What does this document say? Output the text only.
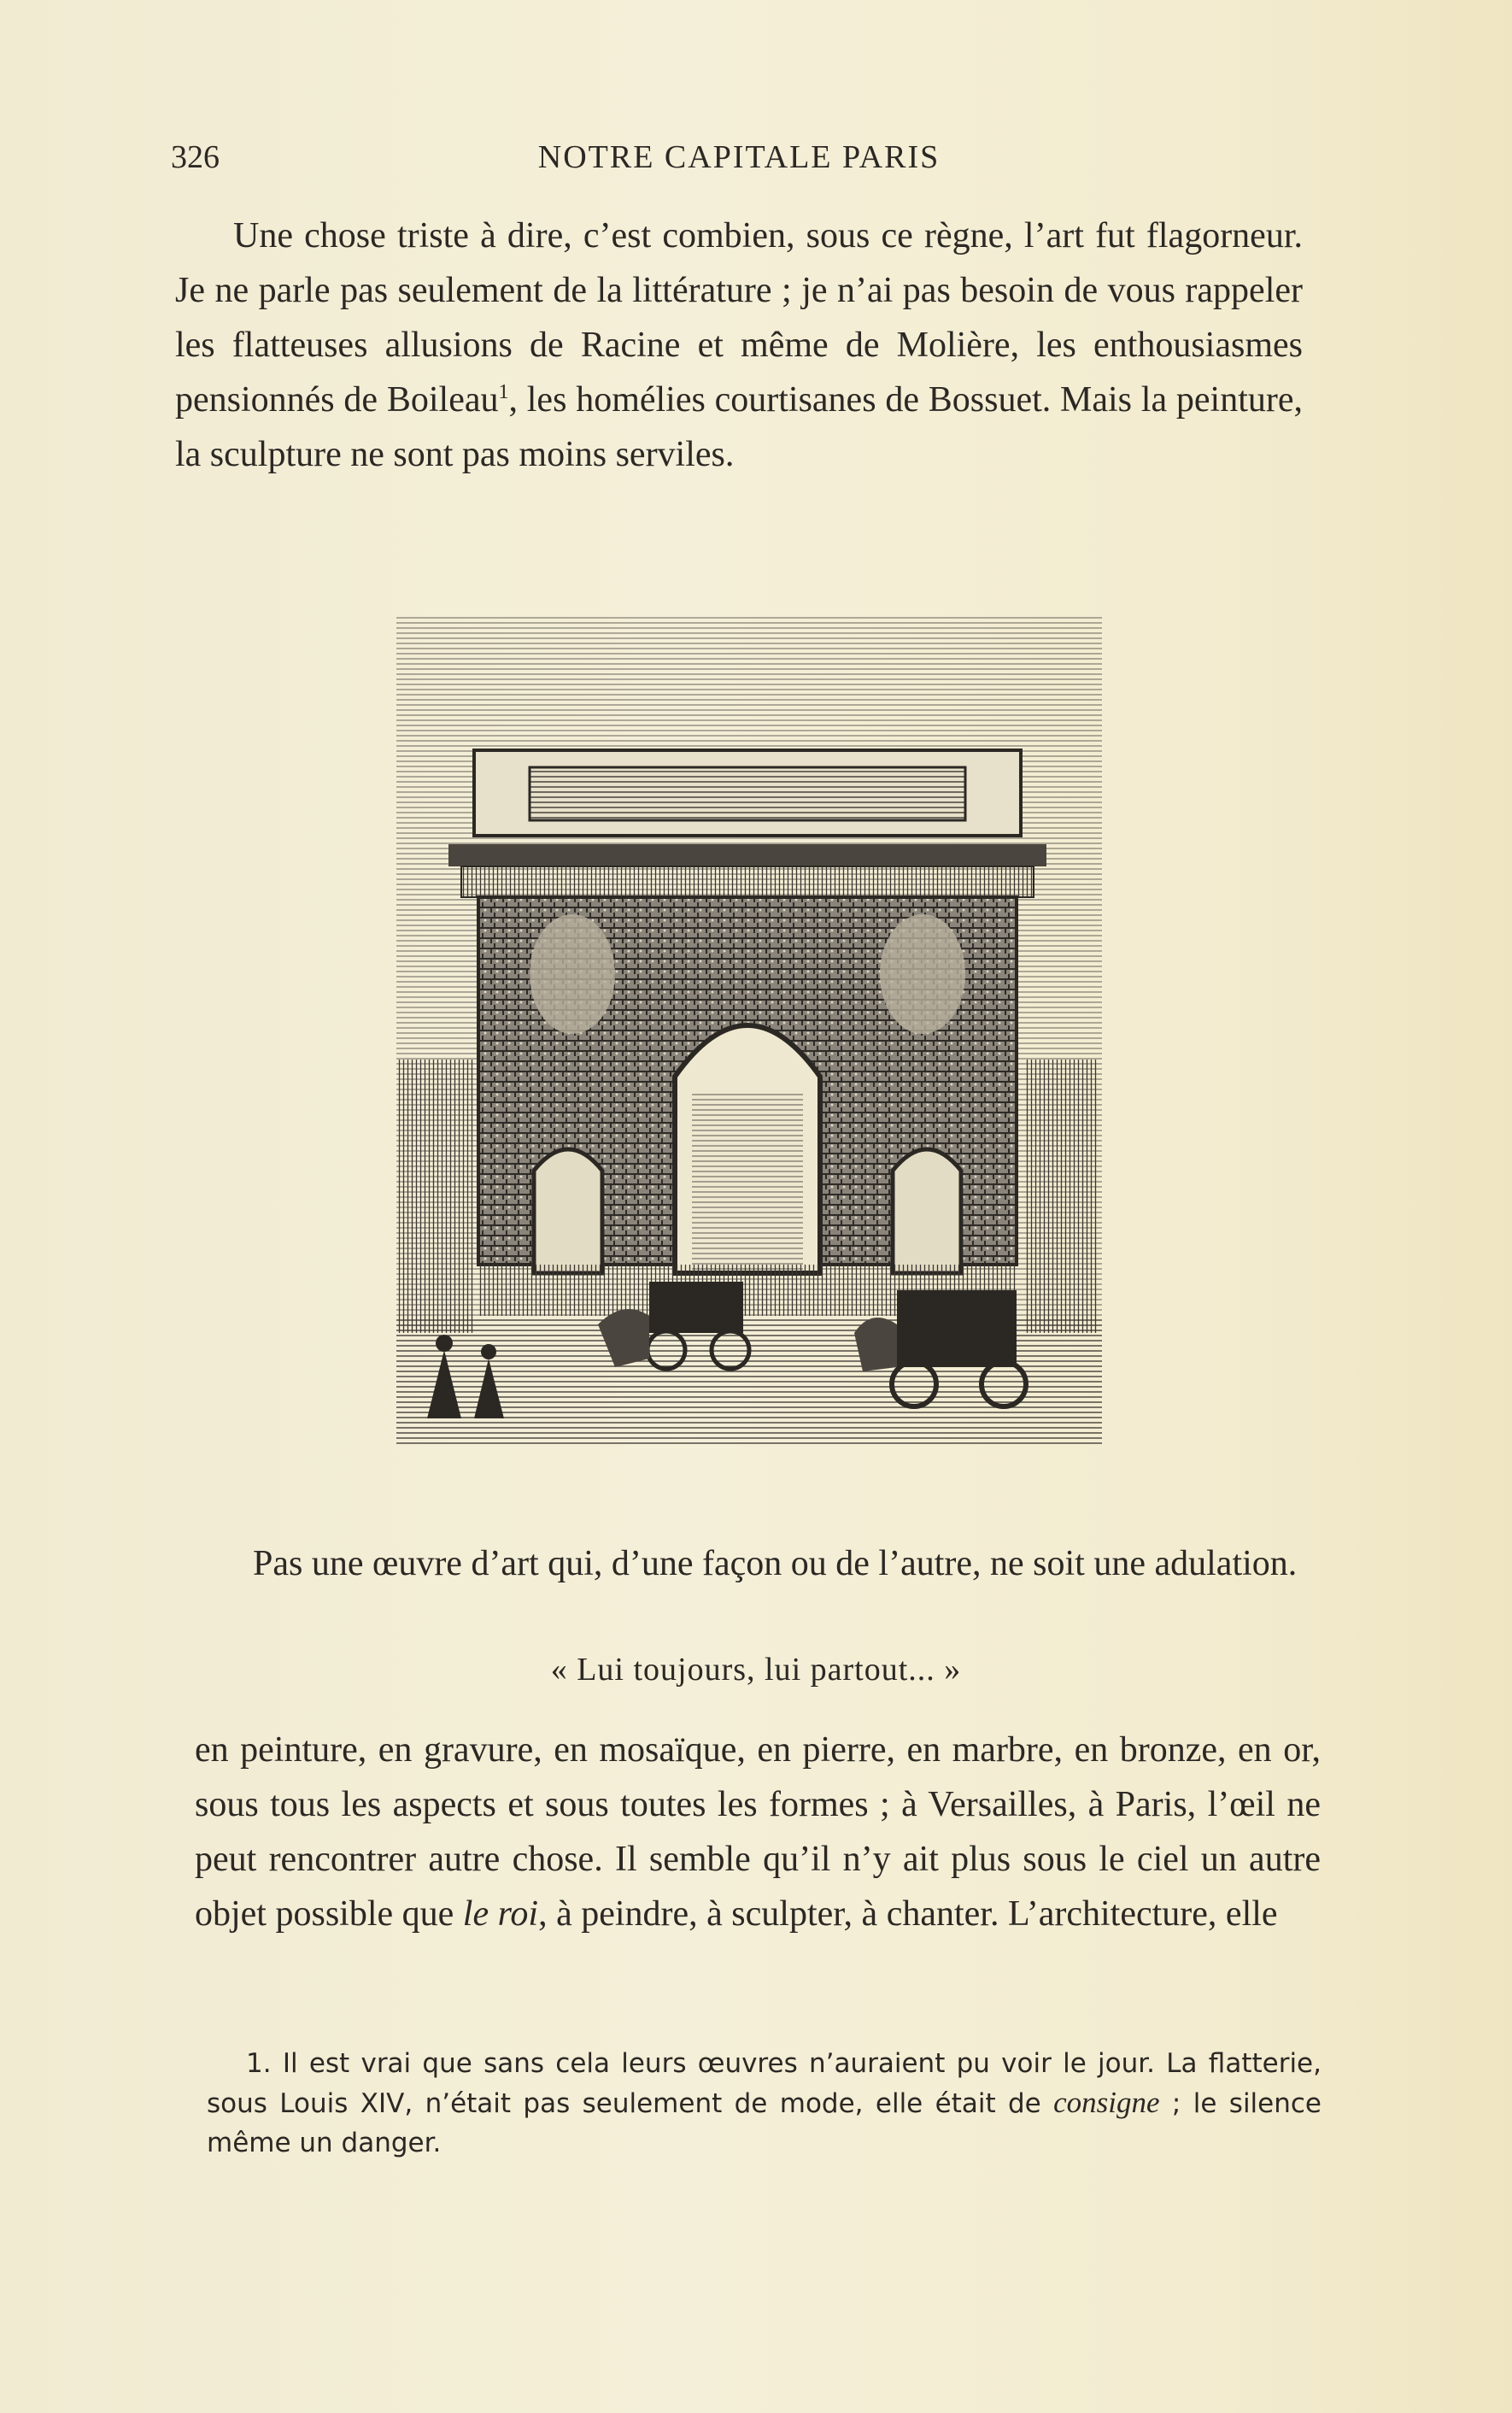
326	NOTRE CAPITALE PARIS

Une chose triste à dire, c’est combien, sous ce règne, l’art fut flagorneur. Je ne parle pas seulement de la littérature ; je n’ai pas besoin de vous rappeler les flatteuses allusions de Racine et même de Molière, les enthousiasmes pensionnés de Boileau$^1$, les homélies courtisanes de Bossuet. Mais la peinture, la sculpture ne sont pas moins serviles.

Pas une œuvre d’art qui, d’une façon ou de l’autre, ne soit une adulation.

« Lui toujours, lui partout... »

en peinture, en gravure, en mosaïque, en pierre, en marbre, en bronze, en or, sous tous les aspects et sous toutes les formes ; à Versailles, à Paris, l’œil ne peut rencontrer autre chose. Il semble qu’il n’y ait plus sous le ciel un autre objet possible que le roi, à peindre, à sculpter, à chanter. L’architecture, elle

1. Il est vrai que sans cela leurs œuvres n’auraient pu voir le jour. La flatterie, sous Louis XIV, n’était pas seulement de mode, elle était de consigne ; le silence même un danger.
